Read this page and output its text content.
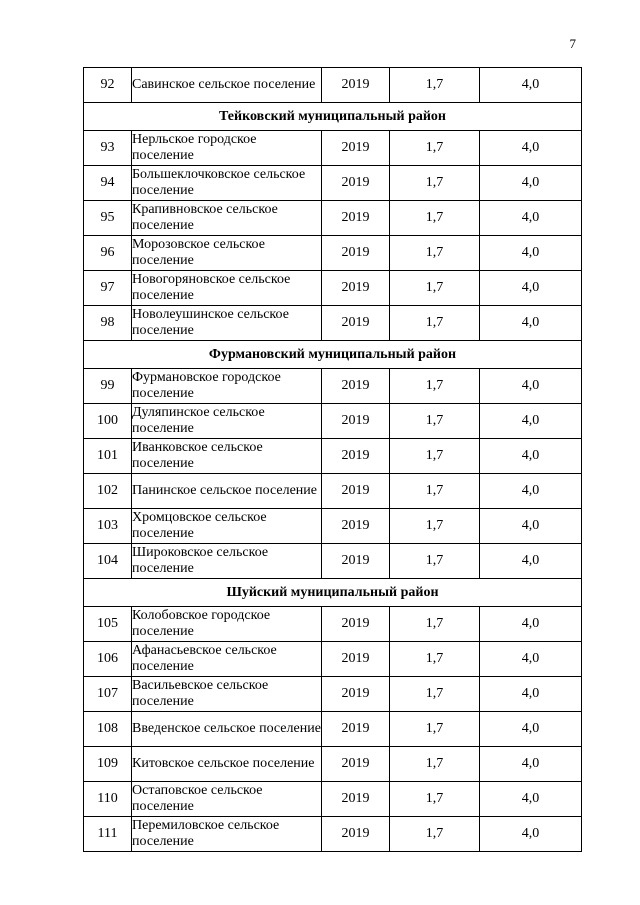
7
92	Савинское сельское поселение	2019	1,7	4,0
Тейковский муниципальный район				
93	Нерльское городское поселение	2019	1,7	4,0
94	Большеклочковское сельское поселение	2019	1,7	4,0
95	Крапивновское сельское поселение	2019	1,7	4,0
96	Морозовское сельское поселение	2019	1,7	4,0
97	Новогоряновское сельское поселение	2019	1,7	4,0
98	Новолеушинское сельское поселение	2019	1,7	4,0
Фурмановский муниципальный район				
99	Фурмановское городское поселение	2019	1,7	4,0
100	Дуляпинское сельское поселение	2019	1,7	4,0
101	Иванковское сельское поселение	2019	1,7	4,0
102	Панинское сельское поселение	2019	1,7	4,0
103	Хромцовское сельское поселение	2019	1,7	4,0
104	Широковское сельское поселение	2019	1,7	4,0
Шуйский муниципальный район				
105	Колобовское городское поселение	2019	1,7	4,0
106	Афанасьевское сельское поселение	2019	1,7	4,0
107	Васильевское сельское поселение	2019	1,7	4,0
108	Введенское сельское поселение	2019	1,7	4,0
109	Китовское сельское поселение	2019	1,7	4,0
110	Остаповское сельское поселение	2019	1,7	4,0
111	Перемиловское сельское поселение	2019	1,7	4,0
